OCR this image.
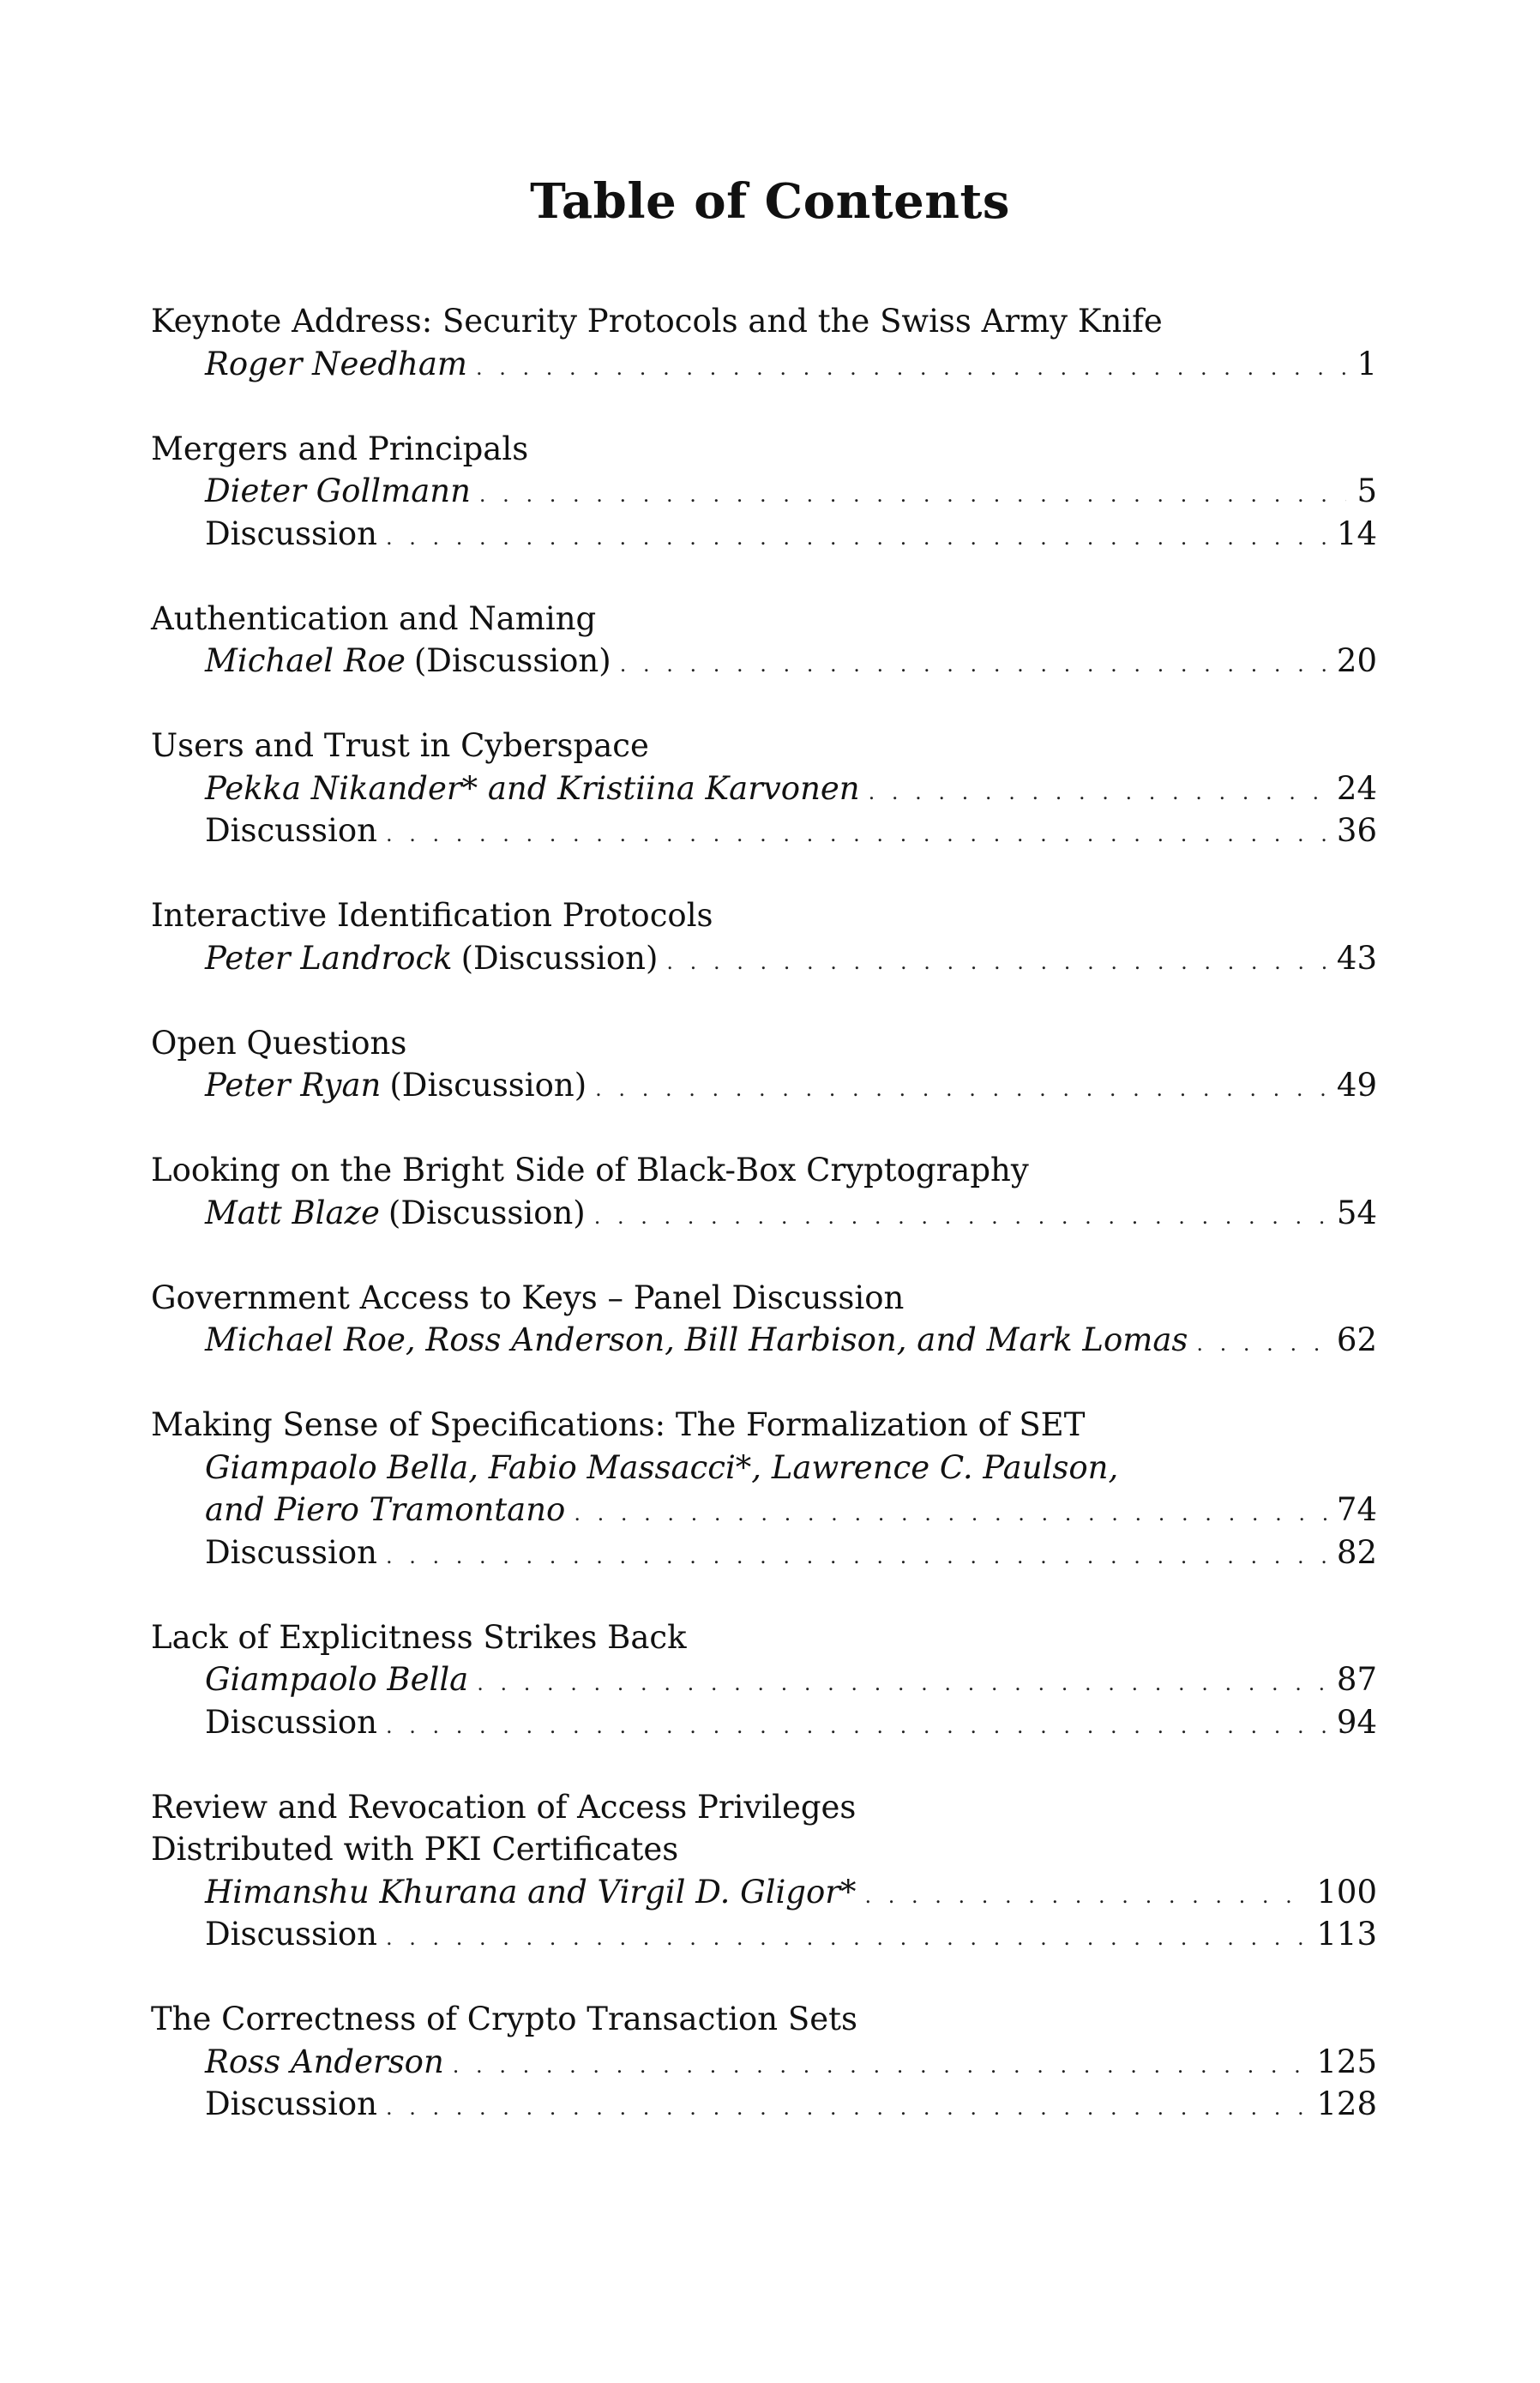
Table of Contents
Keynote Address: Security Protocols and the Swiss Army Knife
Roger Needham . . .	1
Mergers and Principals
Dieter Gollmann . . .	5
Discussion . . .	14
Authentication and Naming
Michael Roe (Discussion) . . .	20
Users and Trust in Cyberspace
Pekka Nikander* and Kristiina Karvonen . . .	24
Discussion . . .	36
Interactive Identification Protocols
Peter Landrock (Discussion) . . .	43
Open Questions
Peter Ryan (Discussion) . . .	49
Looking on the Bright Side of Black-Box Cryptography
Matt Blaze (Discussion) . . .	54
Government Access to Keys – Panel Discussion
Michael Roe, Ross Anderson, Bill Harbison, and Mark Lomas . . .	62
Making Sense of Specifications: The Formalization of SET
Giampaolo Bella, Fabio Massacci*, Lawrence C. Paulson,
and Piero Tramontano . . .	74
Discussion . . .	82
Lack of Explicitness Strikes Back
Giampaolo Bella . . .	87
Discussion . . .	94
Review and Revocation of Access Privileges
Distributed with PKI Certificates
Himanshu Khurana and Virgil D. Gligor* . . .	100
Discussion . . .	113
The Correctness of Crypto Transaction Sets
Ross Anderson . . .	125
Discussion . . .	128
